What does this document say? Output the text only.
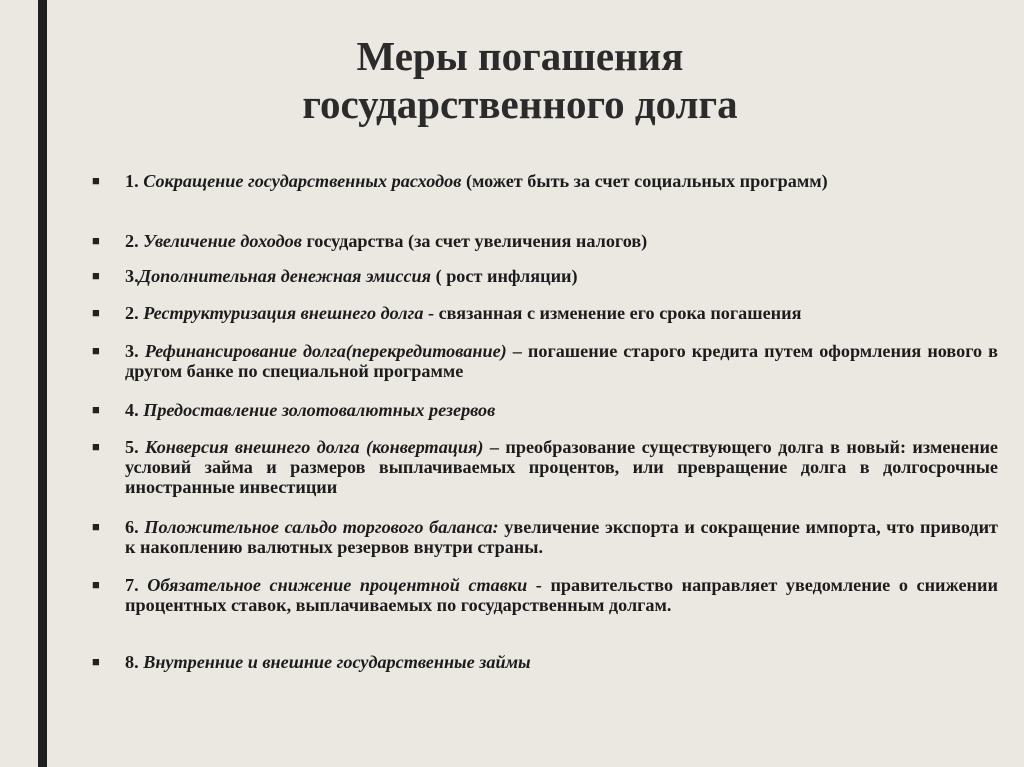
Меры погашения
государственного долга
■	1. Сокращение государственных расходов (может быть за счет социальных программ)
■	2. Увеличение доходов государства (за счет увеличения налогов)
■	3.Дополнительная денежная эмиссия ( рост инфляции)
■	2. Реструктуризация внешнего долга - связанная с изменение его срока погашения
■	3. Рефинансирование долга(перекредитование) – погашение старого кредита путем оформления нового в другом банке по специальной программе
■	4. Предоставление золотовалютных резервов
■	5. Конверсия внешнего долга (конвертация) – преобразование существующего долга в новый: изменение условий займа и размеров выплачиваемых процентов, или превращение долга в долгосрочные иностранные инвестиции
■	6. Положительное сальдо торгового баланса: увеличение экспорта и сокращение импорта, что приводит к накоплению валютных резервов внутри страны.
■	7. Обязательное снижение процентной ставки - правительство направляет уведомление о снижении процентных ставок, выплачиваемых по государственным долгам.
■	8. Внутренние и внешние государственные займы
